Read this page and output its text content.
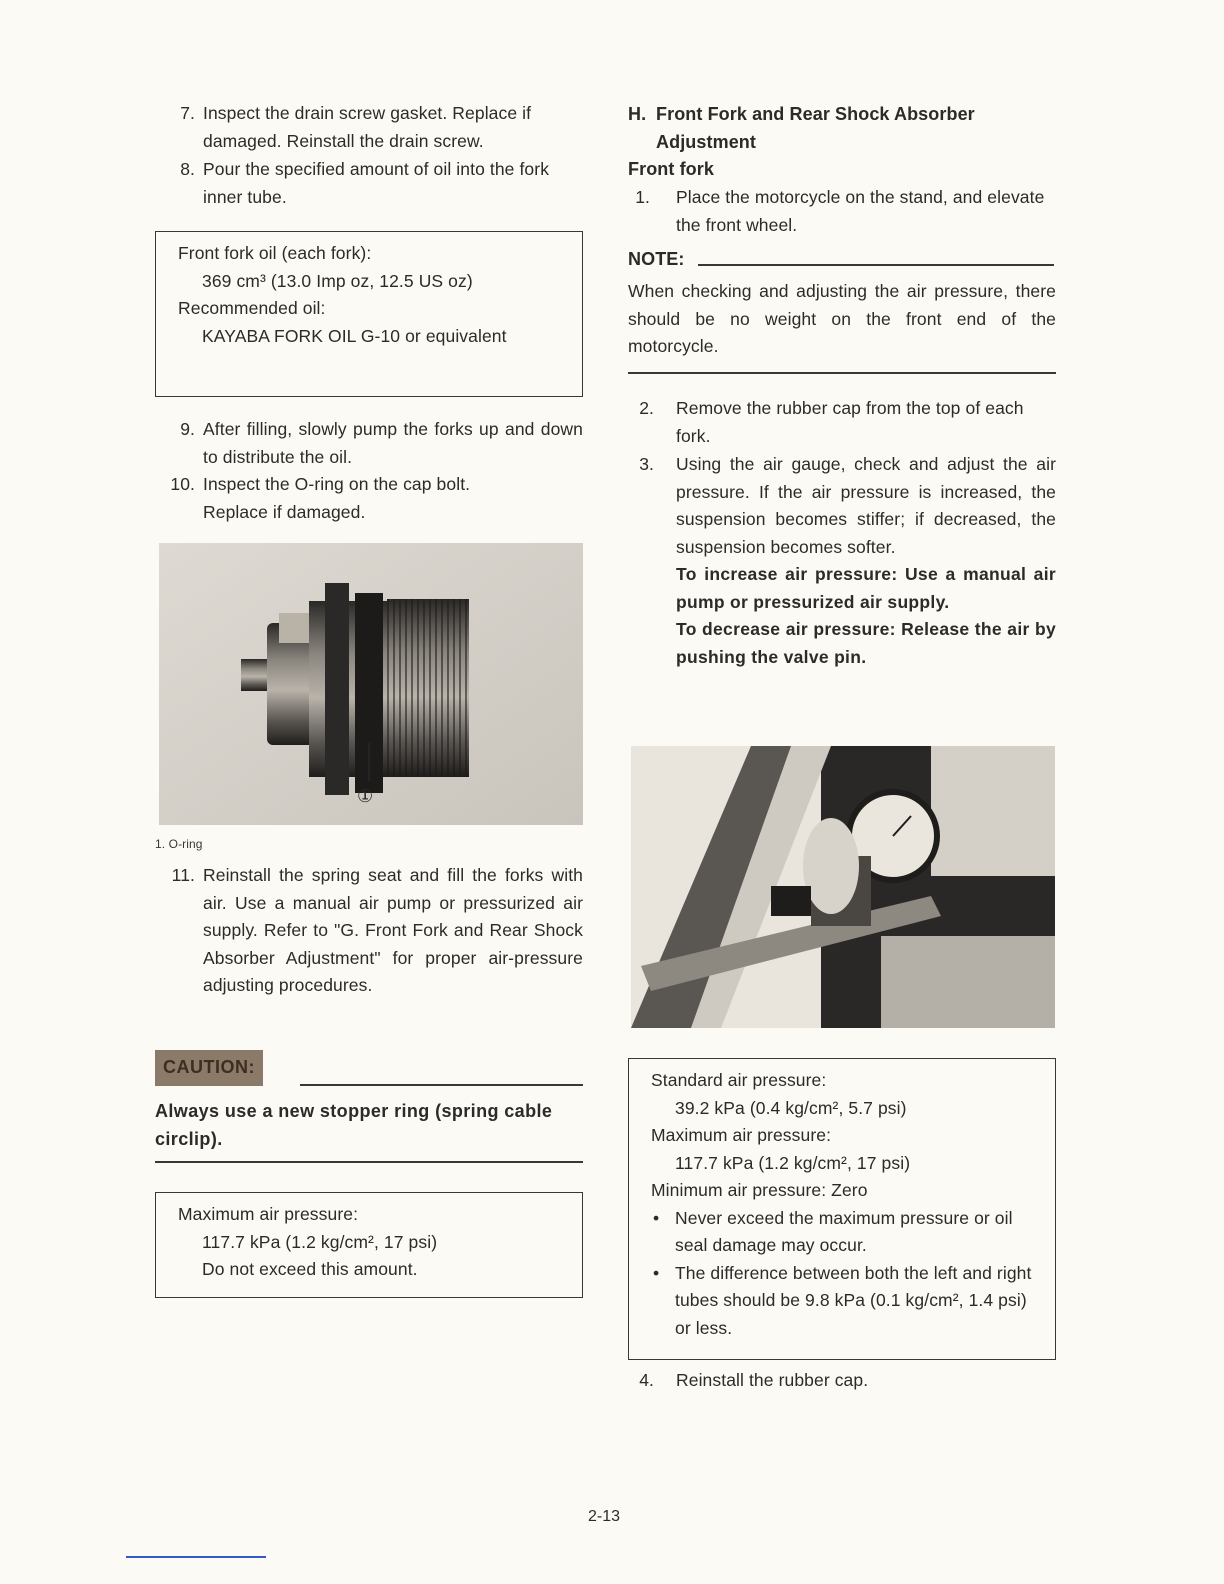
7. Inspect the drain screw gasket. Replace if damaged. Reinstall the drain screw.
8. Pour the specified amount of oil into the fork inner tube.
Front fork oil (each fork):
369 cm³ (13.0 Imp oz, 12.5 US oz)
Recommended oil:
KAYABA FORK OIL G-10 or equivalent
9. After filling, slowly pump the forks up and down to distribute the oil.
10. Inspect the O-ring on the cap bolt. Replace if damaged.
①
1. O-ring
11. Reinstall the spring seat and fill the forks with air. Use a manual air pump or pressurized air supply. Refer to "G. Front Fork and Rear Shock Absorber Adjustment" for proper air-pressure adjusting procedures.
CAUTION:
Always use a new stopper ring (spring cable circlip).
Maximum air pressure:
117.7 kPa (1.2 kg/cm², 17 psi)
Do not exceed this amount.
H. Front Fork and Rear Shock Absorber Adjustment
Front fork
1. Place the motorcycle on the stand, and elevate the front wheel.
NOTE:
When checking and adjusting the air pressure, there should be no weight on the front end of the motorcycle.
2. Remove the rubber cap from the top of each fork.
3. Using the air gauge, check and adjust the air pressure. If the air pressure is increased, the suspension becomes stiffer; if decreased, the suspension becomes softer.
To increase air pressure: Use a manual air pump or pressurized air supply.
To decrease air pressure: Release the air by pushing the valve pin.
Standard air pressure:
39.2 kPa (0.4 kg/cm², 5.7 psi)
Maximum air pressure:
117.7 kPa (1.2 kg/cm², 17 psi)
Minimum air pressure: Zero
• Never exceed the maximum pressure or oil seal damage may occur.
• The difference between both the left and right tubes should be 9.8 kPa (0.1 kg/cm², 1.4 psi) or less.
4. Reinstall the rubber cap.
2-13
